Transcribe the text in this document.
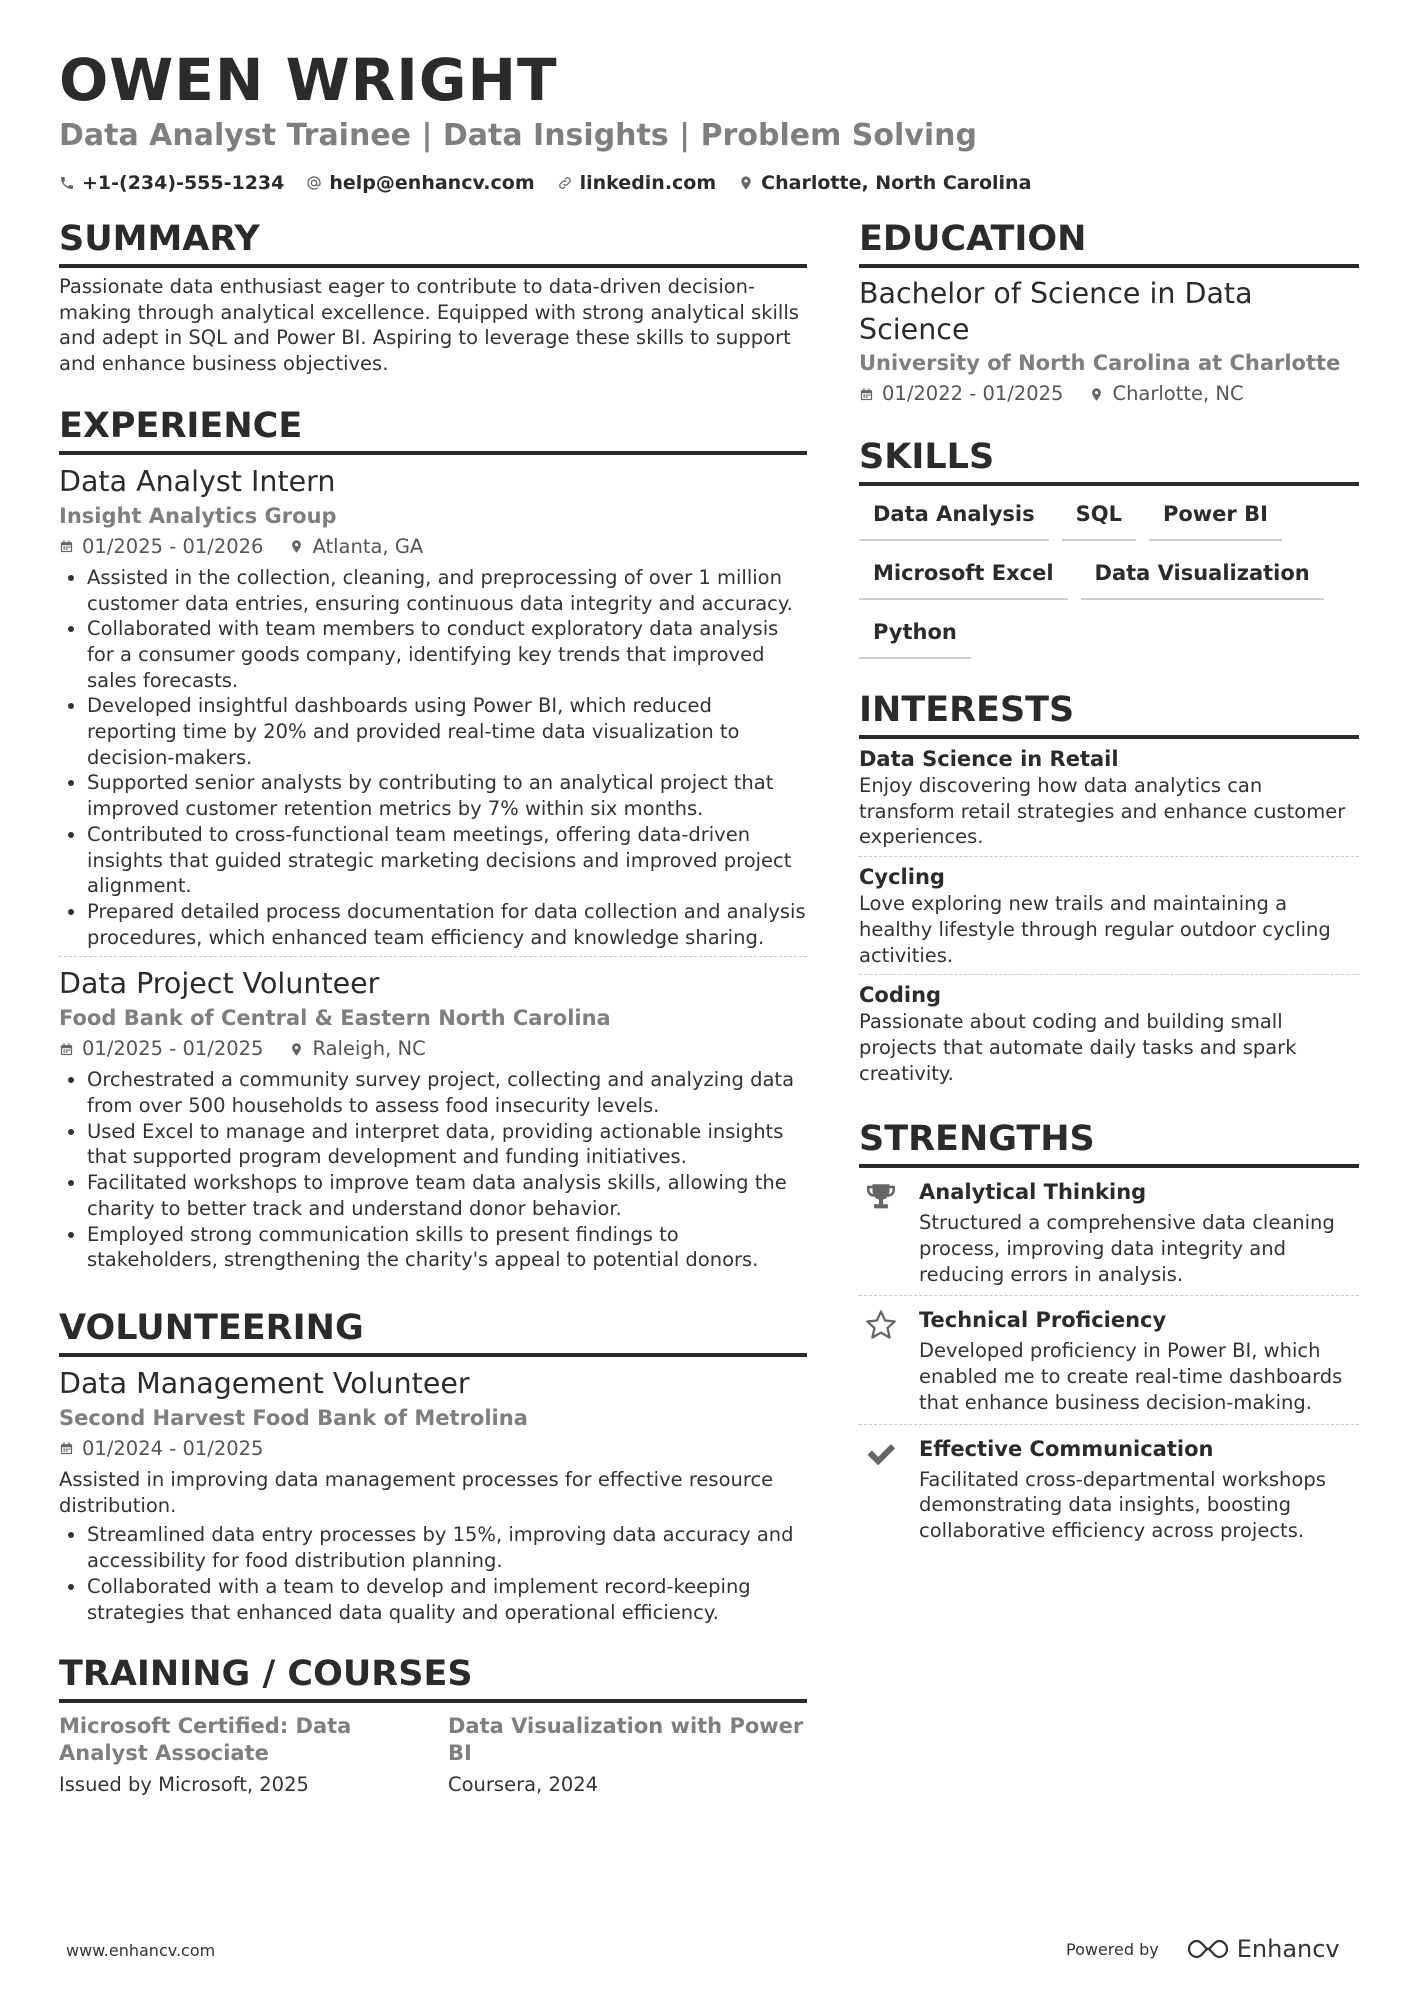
OWEN WRIGHT
Data Analyst Trainee | Data Insights | Problem Solving
+1-(234)-555-1234 help@enhancv.com linkedin.com Charlotte, North Carolina
SUMMARY
Passionate data enthusiast eager to contribute to data-driven decision-making through analytical excellence. Equipped with strong analytical skills and adept in SQL and Power BI. Aspiring to leverage these skills to support and enhance business objectives.
EXPERIENCE
Data Analyst Intern
Insight Analytics Group
01/2025 - 01/2026	Atlanta, GA
• Assisted in the collection, cleaning, and preprocessing of over 1 million customer data entries, ensuring continuous data integrity and accuracy.
• Collaborated with team members to conduct exploratory data analysis for a consumer goods company, identifying key trends that improved sales forecasts.
• Developed insightful dashboards using Power BI, which reduced reporting time by 20% and provided real-time data visualization to decision-makers.
• Supported senior analysts by contributing to an analytical project that improved customer retention metrics by 7% within six months.
• Contributed to cross-functional team meetings, offering data-driven insights that guided strategic marketing decisions and improved project alignment.
• Prepared detailed process documentation for data collection and analysis procedures, which enhanced team efficiency and knowledge sharing.
Data Project Volunteer
Food Bank of Central & Eastern North Carolina
01/2025 - 01/2025	Raleigh, NC
• Orchestrated a community survey project, collecting and analyzing data from over 500 households to assess food insecurity levels.
• Used Excel to manage and interpret data, providing actionable insights that supported program development and funding initiatives.
• Facilitated workshops to improve team data analysis skills, allowing the charity to better track and understand donor behavior.
• Employed strong communication skills to present findings to stakeholders, strengthening the charity's appeal to potential donors.
VOLUNTEERING
Data Management Volunteer
Second Harvest Food Bank of Metrolina
01/2024 - 01/2025
Assisted in improving data management processes for effective resource distribution.
• Streamlined data entry processes by 15%, improving data accuracy and accessibility for food distribution planning.
• Collaborated with a team to develop and implement record-keeping strategies that enhanced data quality and operational efficiency.
TRAINING / COURSES
Microsoft Certified: Data Analyst Associate
Issued by Microsoft, 2025
Data Visualization with Power BI
Coursera, 2024
EDUCATION
Bachelor of Science in Data Science
University of North Carolina at Charlotte
01/2022 - 01/2025	Charlotte, NC
SKILLS
Data Analysis	SQL	Power BI
Microsoft Excel	Data Visualization
Python
INTERESTS
Data Science in Retail
Enjoy discovering how data analytics can transform retail strategies and enhance customer experiences.
Cycling
Love exploring new trails and maintaining a healthy lifestyle through regular outdoor cycling activities.
Coding
Passionate about coding and building small projects that automate daily tasks and spark creativity.
STRENGTHS
Analytical Thinking
Structured a comprehensive data cleaning process, improving data integrity and reducing errors in analysis.
Technical Proficiency
Developed proficiency in Power BI, which enabled me to create real-time dashboards that enhance business decision-making.
Effective Communication
Facilitated cross-departmental workshops demonstrating data insights, boosting collaborative efficiency across projects.
www.enhancv.com	Powered by	Enhancv
